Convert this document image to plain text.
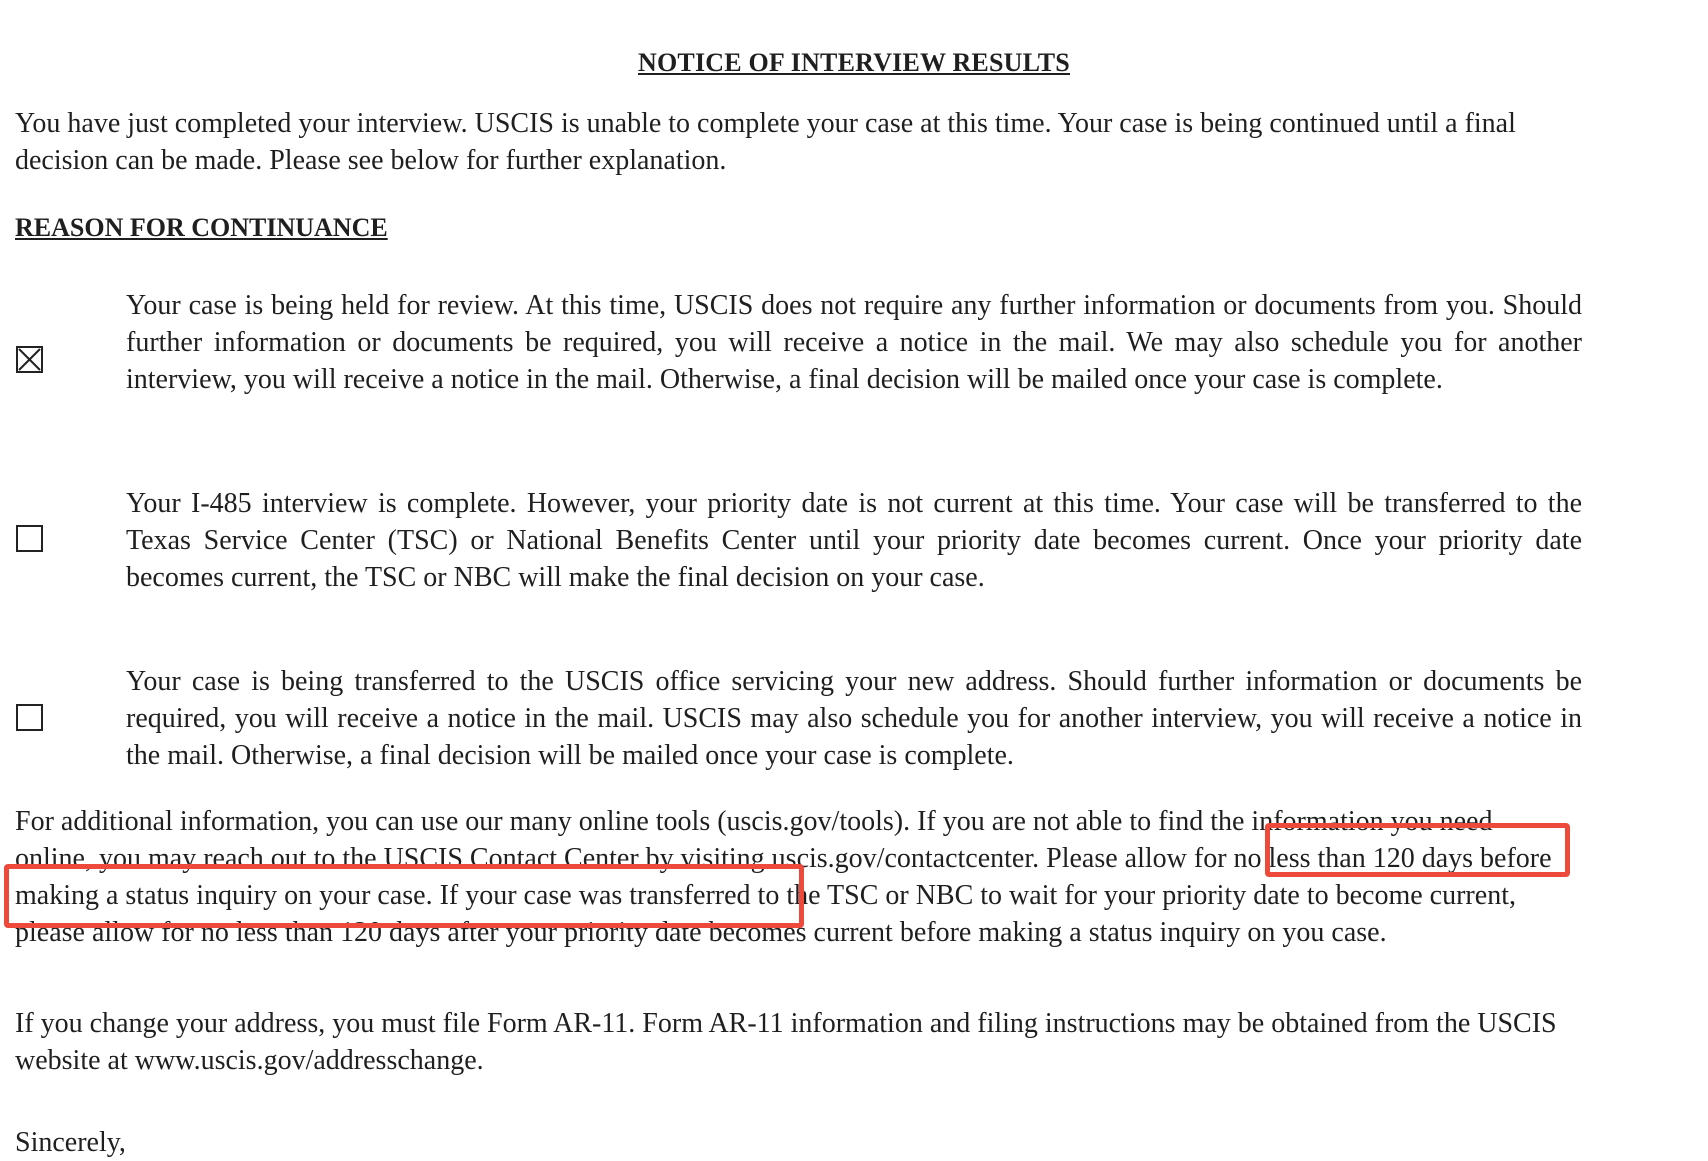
NOTICE OF INTERVIEW RESULTS
You have just completed your interview. USCIS is unable to complete your case at this time. Your case is being continued until a final decision can be made. Please see below for further explanation.
REASON FOR CONTINUANCE
Your case is being held for review. At this time, USCIS does not require any further information or documents from you. Should further information or documents be required, you will receive a notice in the mail. We may also schedule you for another interview, you will receive a notice in the mail. Otherwise, a final decision will be mailed once your case is complete.
Your I-485 interview is complete. However, your priority date is not current at this time. Your case will be transferred to the Texas Service Center (TSC) or National Benefits Center until your priority date becomes current. Once your priority date becomes current, the TSC or NBC will make the final decision on your case.
Your case is being transferred to the USCIS office servicing your new address. Should further information or documents be required, you will receive a notice in the mail. USCIS may also schedule you for another interview, you will receive a notice in the mail. Otherwise, a final decision will be mailed once your case is complete.
For additional information, you can use our many online tools (uscis.gov/tools). If you are not able to find the information you need online, you may reach out to the USCIS Contact Center by visiting uscis.gov/contactcenter. Please allow for no less than 120 days before making a status inquiry on your case. If your case was transferred to the TSC or NBC to wait for your priority date to become current, please allow for no less than 120 days after your priority date becomes current before making a status inquiry on you case.
If you change your address, you must file Form AR-11. Form AR-11 information and filing instructions may be obtained from the USCIS website at www.uscis.gov/addresschange.
Sincerely,
